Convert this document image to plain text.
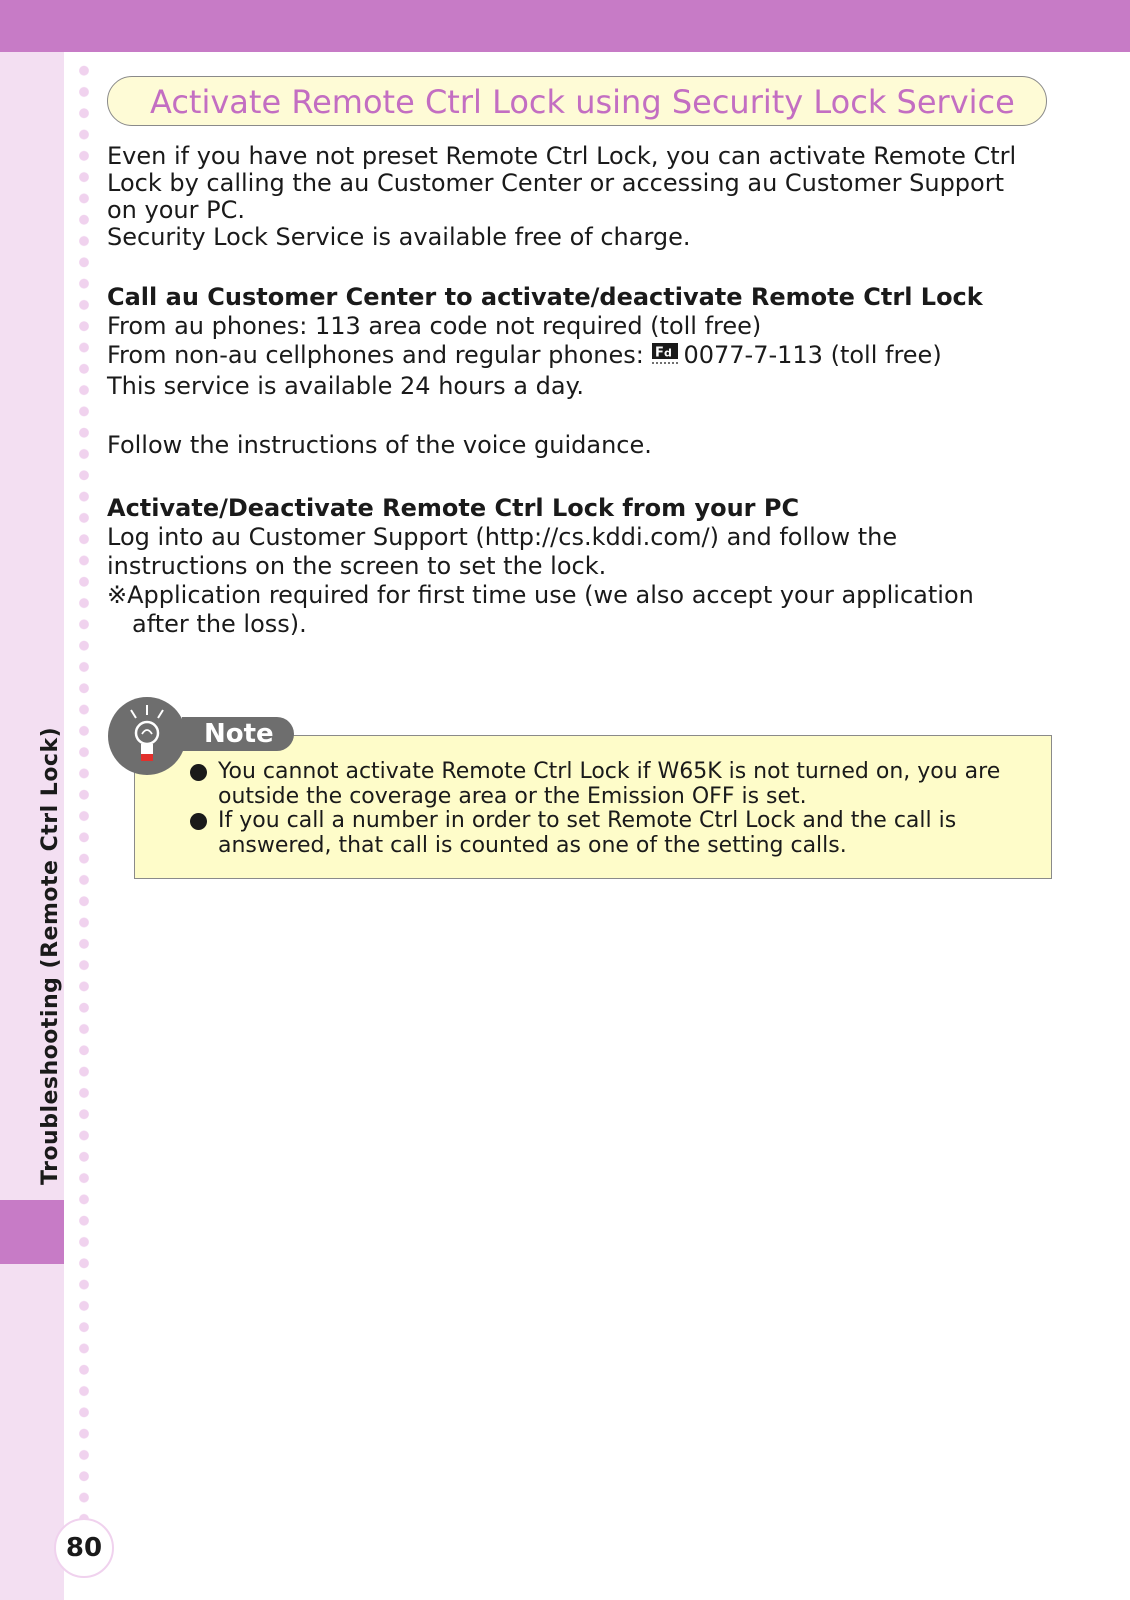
Troubleshooting (Remote Ctrl Lock)
80
Activate Remote Ctrl Lock using Security Lock Service

Even if you have not preset Remote Ctrl Lock, you can activate Remote Ctrl Lock by calling the au Customer Center or accessing au Customer Support on your PC.

Security Lock Service is available free of charge.

Call au Customer Center to activate/deactivate Remote Ctrl Lock

From au phones: 113 area code not required (toll free)

From non-au cellphones and regular phones: F d 0077-7-113 (toll free)

This service is available 24 hours a day.

Follow the instructions of the voice guidance.

Activate/Deactivate Remote Ctrl Lock from your PC

Log into au Customer Support (http://cs.kddi.com/) and follow the instructions on the screen to set the lock.

※Application required for first time use (we also accept your application after the loss).

Note
You cannot activate Remote Ctrl Lock if W65K is not turned on, you are outside the coverage area or the Emission OFF is set.
If you call a number in order to set Remote Ctrl Lock and the call is answered, that call is counted as one of the setting calls.
